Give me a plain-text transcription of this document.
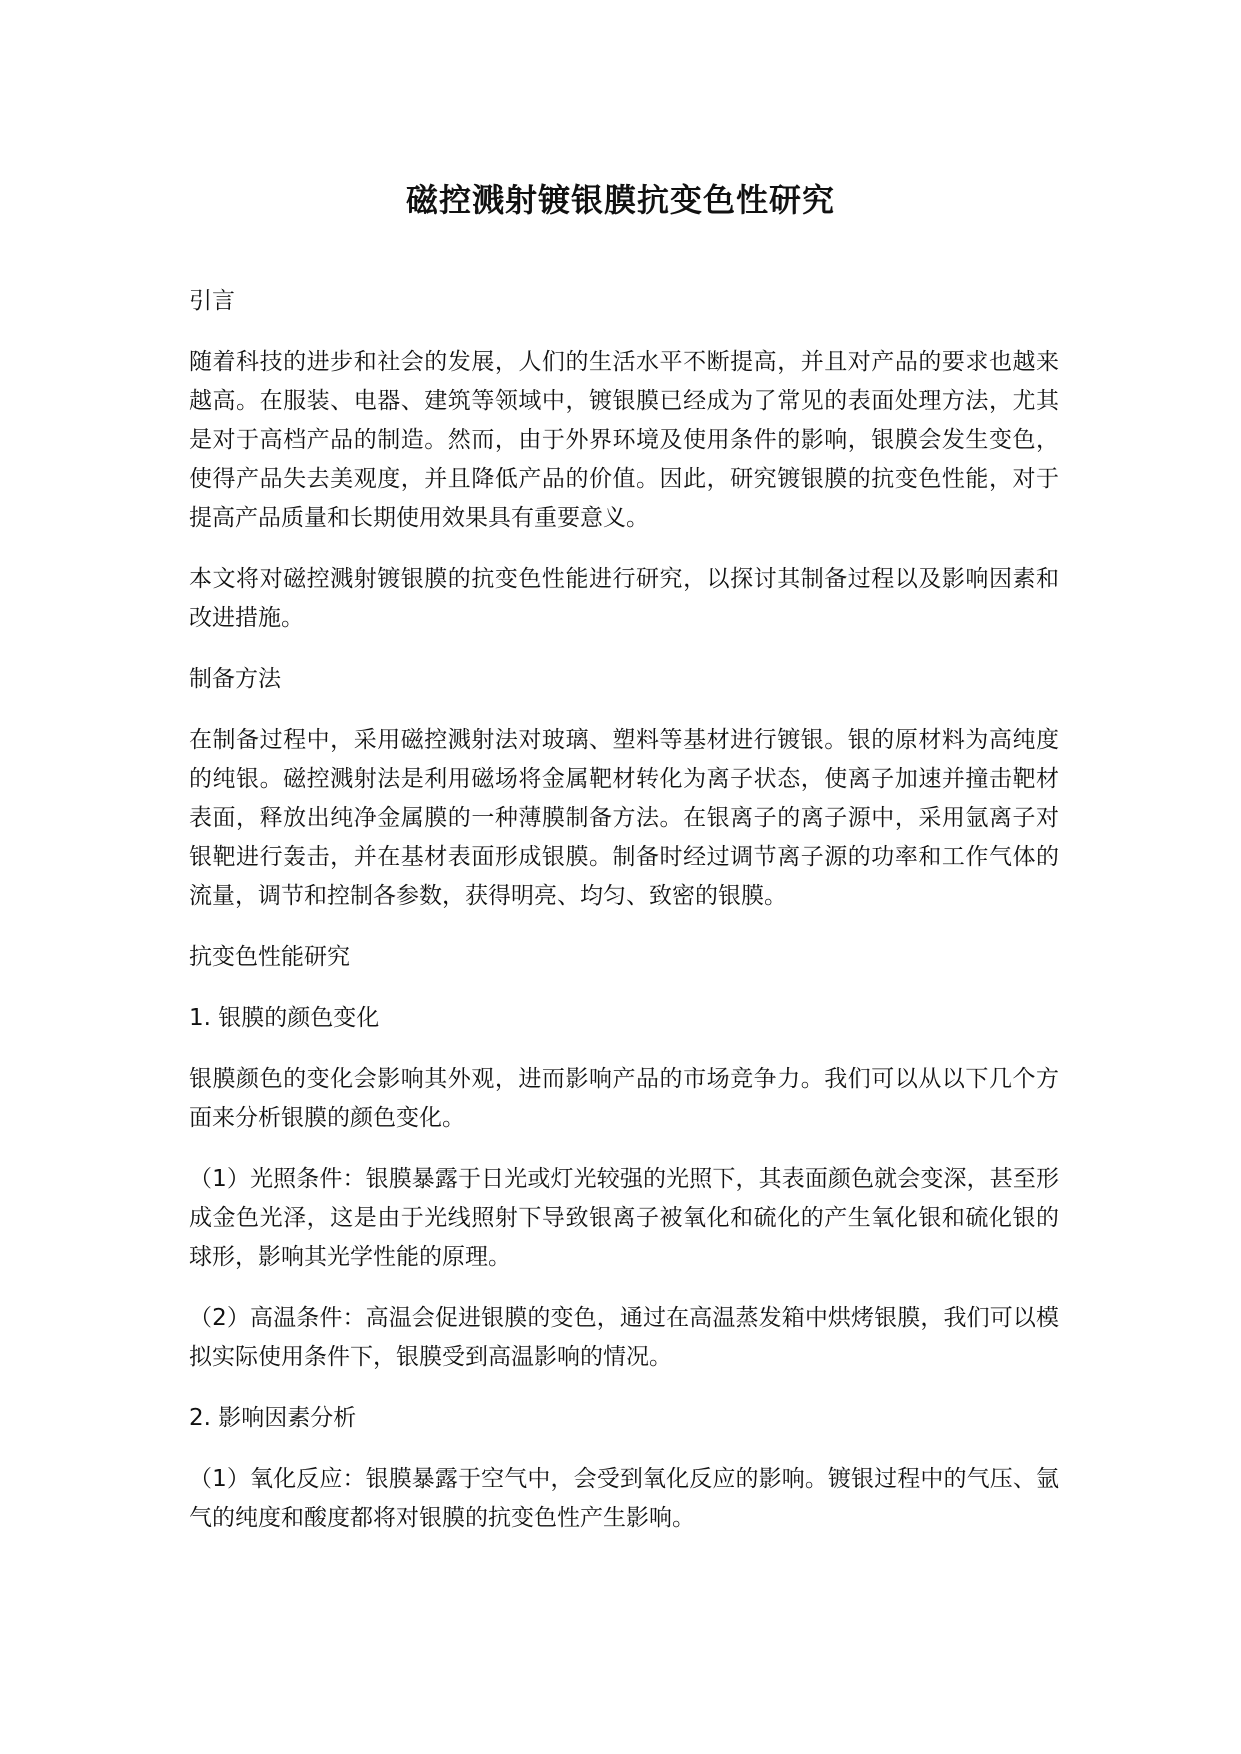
磁控溅射镀银膜抗变色性研究

引言

随着科技的进步和社会的发展，人们的生活水平不断提高，并且对产品的要求也越来越高。在服装、电器、建筑等领域中，镀银膜已经成为了常见的表面处理方法，尤其是对于高档产品的制造。然而，由于外界环境及使用条件的影响，银膜会发生变色，使得产品失去美观度，并且降低产品的价值。因此，研究镀银膜的抗变色性能，对于提高产品质量和长期使用效果具有重要意义。

本文将对磁控溅射镀银膜的抗变色性能进行研究，以探讨其制备过程以及影响因素和改进措施。

制备方法

在制备过程中，采用磁控溅射法对玻璃、塑料等基材进行镀银。银的原材料为高纯度的纯银。磁控溅射法是利用磁场将金属靶材转化为离子状态，使离子加速并撞击靶材表面，释放出纯净金属膜的一种薄膜制备方法。在银离子的离子源中，采用氩离子对银靶进行轰击，并在基材表面形成银膜。制备时经过调节离子源的功率和工作气体的流量，调节和控制各参数，获得明亮、均匀、致密的银膜。

抗变色性能研究

1. 银膜的颜色变化

银膜颜色的变化会影响其外观，进而影响产品的市场竞争力。我们可以从以下几个方面来分析银膜的颜色变化。

（1）光照条件：银膜暴露于日光或灯光较强的光照下，其表面颜色就会变深，甚至形成金色光泽，这是由于光线照射下导致银离子被氧化和硫化的产生氧化银和硫化银的球形，影响其光学性能的原理。

（2）高温条件：高温会促进银膜的变色，通过在高温蒸发箱中烘烤银膜，我们可以模拟实际使用条件下，银膜受到高温影响的情况。

2. 影响因素分析

（1）氧化反应：银膜暴露于空气中，会受到氧化反应的影响。镀银过程中的气压、氩气的纯度和酸度都将对银膜的抗变色性产生影响。
